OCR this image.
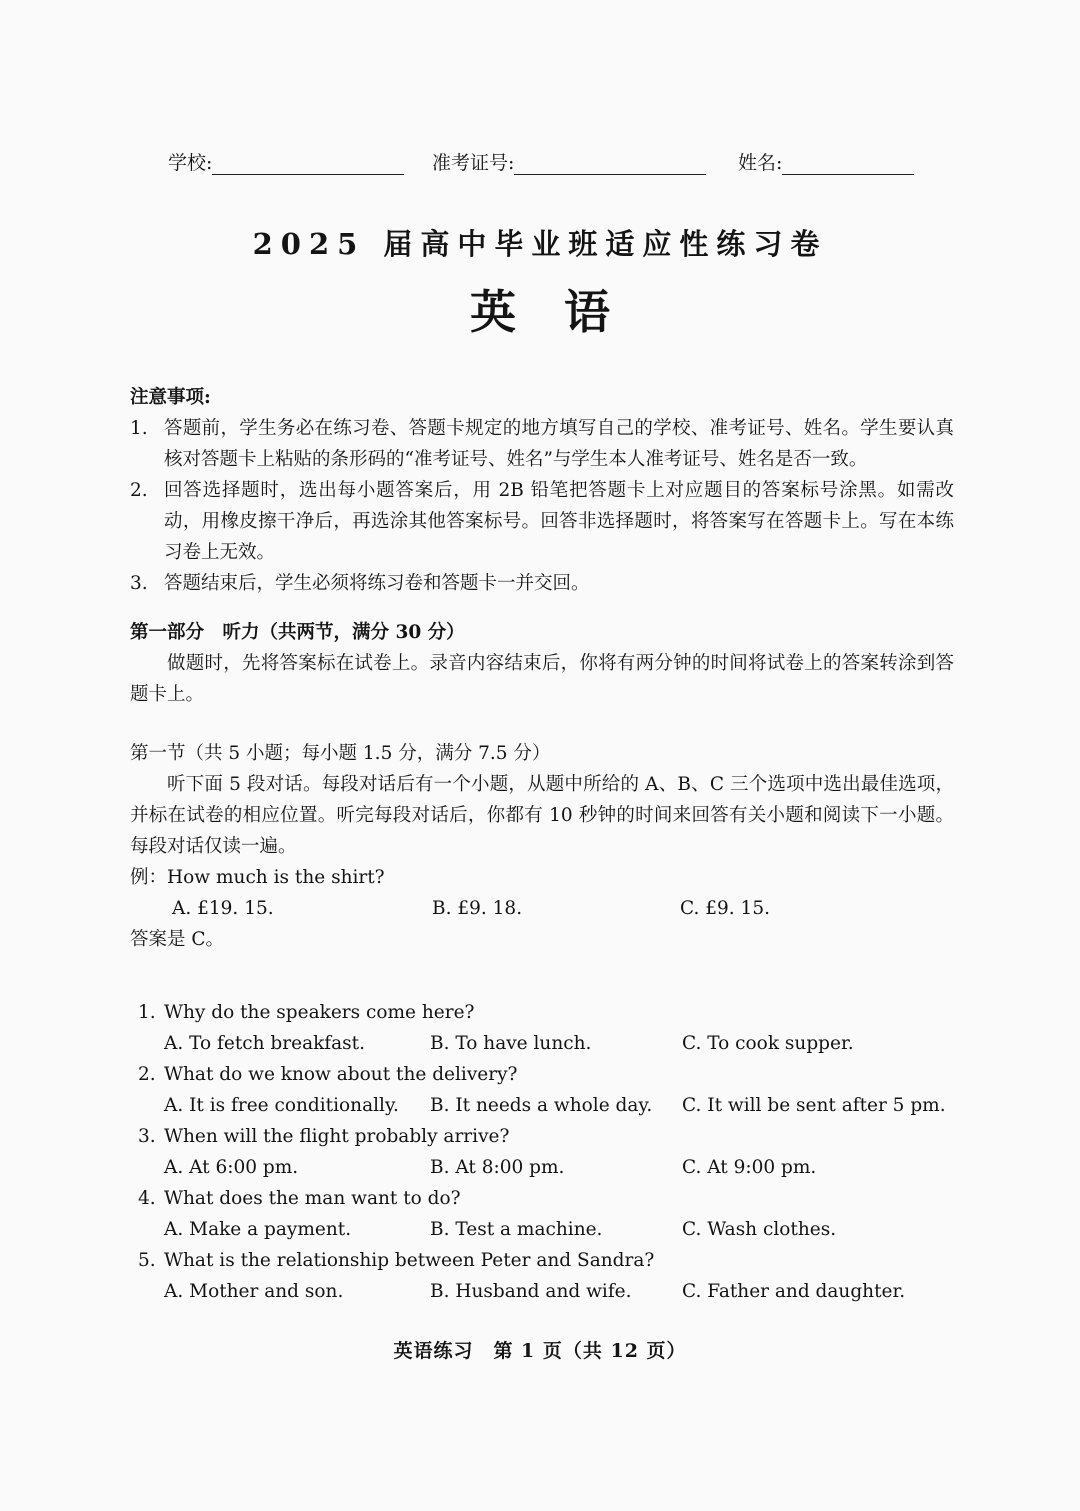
学校:	准考证号:	姓名:
2025 届高中毕业班适应性练习卷
英语
注意事项:
1. 答题前，学生务必在练习卷、答题卡规定的地方填写自己的学校、准考证号、姓名。学生要认真核对答题卡上粘贴的条形码的“准考证号、姓名”与学生本人准考证号、姓名是否一致。
2. 回答选择题时，选出每小题答案后，用 2B 铅笔把答题卡上对应题目的答案标号涂黑。如需改动，用橡皮擦干净后，再选涂其他答案标号。回答非选择题时，将答案写在答题卡上。写在本练习卷上无效。
3. 答题结束后，学生必须将练习卷和答题卡一并交回。
第一部分　听力（共两节，满分 30 分）
做题时，先将答案标在试卷上。录音内容结束后，你将有两分钟的时间将试卷上的答案转涂到答题卡上。
第一节（共 5 小题；每小题 1.5 分，满分 7.5 分）
听下面 5 段对话。每段对话后有一个小题，从题中所给的 A、B、C 三个选项中选出最佳选项，并标在试卷的相应位置。听完每段对话后，你都有 10 秒钟的时间来回答有关小题和阅读下一小题。每段对话仅读一遍。
例：How much is the shirt?
A. £19. 15.	B. £9. 18.	C. £9. 15.
答案是 C。
1. Why do the speakers come here?
A. To fetch breakfast.	B. To have lunch.	C. To cook supper.
2. What do we know about the delivery?
A. It is free conditionally. B. It needs a whole day. C. It will be sent after 5 pm.
3. When will the flight probably arrive?
A. At 6:00 pm.	B. At 8:00 pm.	C. At 9:00 pm.
4. What does the man want to do?
A. Make a payment.	B. Test a machine.	C. Wash clothes.
5. What is the relationship between Peter and Sandra?
A. Mother and son.	B. Husband and wife.	C. Father and daughter.
英语练习　第 1 页（共 12 页）
